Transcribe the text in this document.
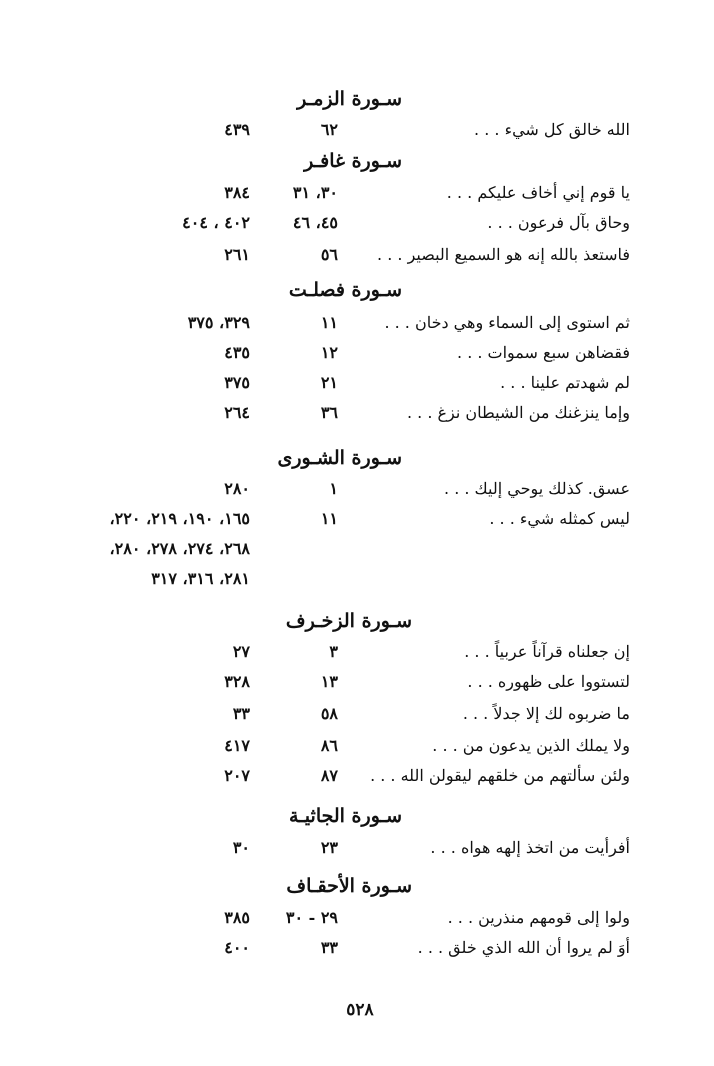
سـورة الزمـر
الله خالق كل شيء . . .
٦٢
٤٣٩
سـورة غافـر
يا قوم إني أخاف عليكم . . .
٣٠، ٣١
٣٨٤
وحاق بآل فرعون . . .
٤٥، ٤٦
٤٠٢ ، ٤٠٤
فاستعذ بالله إنه هو السميع البصير . . .
٥٦
٢٦١
سـورة فصلـت
ثم استوى إلى السماء وهي دخان . . .
١١
٣٢٩، ٣٧٥
فقضاهن سبع سموات . . .
١٢
٤٣٥
لم شهدتم علينا . . .
٢١
٣٧٥
وإما ينزغنك من الشيطان نزغ . . .
٣٦
٢٦٤
سـورة الشـورى
عسق. كذلك يوحي إليك . . .
١
٢٨٠
ليس كمثله شيء . . .
١١
١٦٥، ١٩٠، ٢١٩، ٢٢٠،
٢٦٨، ٢٧٤، ٢٧٨، ٢٨٠،
٢٨١، ٣١٦، ٣١٧
سـورة الزخـرف
إن جعلناه قرآناً عربياً . . .
٣
٢٧
لتستووا على ظهوره . . .
١٣
٣٢٨
ما ضربوه لك إلا جدلاً . . .
٥٨
٣٣
ولا يملك الذين يدعون من . . .
٨٦
٤١٧
ولئن سألتهم من خلقهم ليقولن الله . . .
٨٧
٢٠٧
سـورة الجاثيـة
أفرأيت من اتخذ إلهه هواه . . .
٢٣
٣٠
سـورة الأحقـاف
ولوا إلى قومهم منذرين . . .
٢٩ - ٣٠
٣٨٥
أوَ لم يروا أن الله الذي خلق . . .
٣٣
٤٠٠
٥٢٨
